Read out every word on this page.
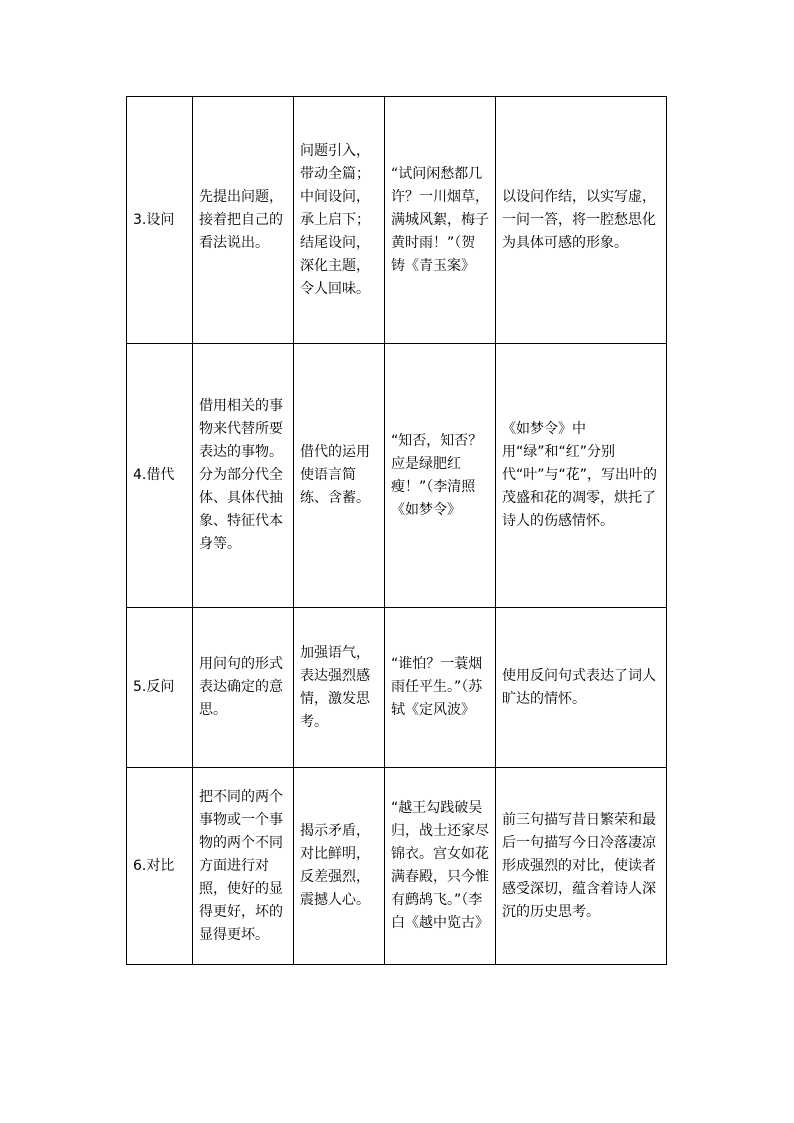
3.设问	先提出问题，接着把自己的看法说出。	问题引入，带动全篇；中间设问，承上启下；结尾设问，深化主题，令人回味。	“试问闲愁都几许？一川烟草，满城风絮，梅子黄时雨！”（贺铸《青玉案》	以设问作结，以实写虚，一问一答，将一腔愁思化为具体可感的形象。
4.借代	借用相关的事物来代替所要表达的事物。分为部分代全体、具体代抽象、特征代本身等。	借代的运用使语言简练、含蓄。	“知否，知否？应是绿肥红瘦！”（李清照《如梦令》	《如梦令》中用“绿”和“红”分别代“叶”与“花”，写出叶的茂盛和花的凋零，烘托了诗人的伤感情怀。
5.反问	用问句的形式表达确定的意思。	加强语气，表达强烈感情，激发思考。	“谁怕？一蓑烟雨任平生。”（苏轼《定风波》	使用反问句式表达了词人旷达的情怀。
6.对比	把不同的两个事物或一个事物的两个不同方面进行对照，使好的显得更好，坏的显得更坏。	揭示矛盾，对比鲜明，反差强烈，震撼人心。	“越王勾践破吴归，战士还家尽锦衣。宫女如花满春殿，只今惟有鹧鸪飞。”（李白《越中览古》	前三句描写昔日繁荣和最后一句描写今日冷落凄凉形成强烈的对比，使读者感受深切，蕴含着诗人深沉的历史思考。
